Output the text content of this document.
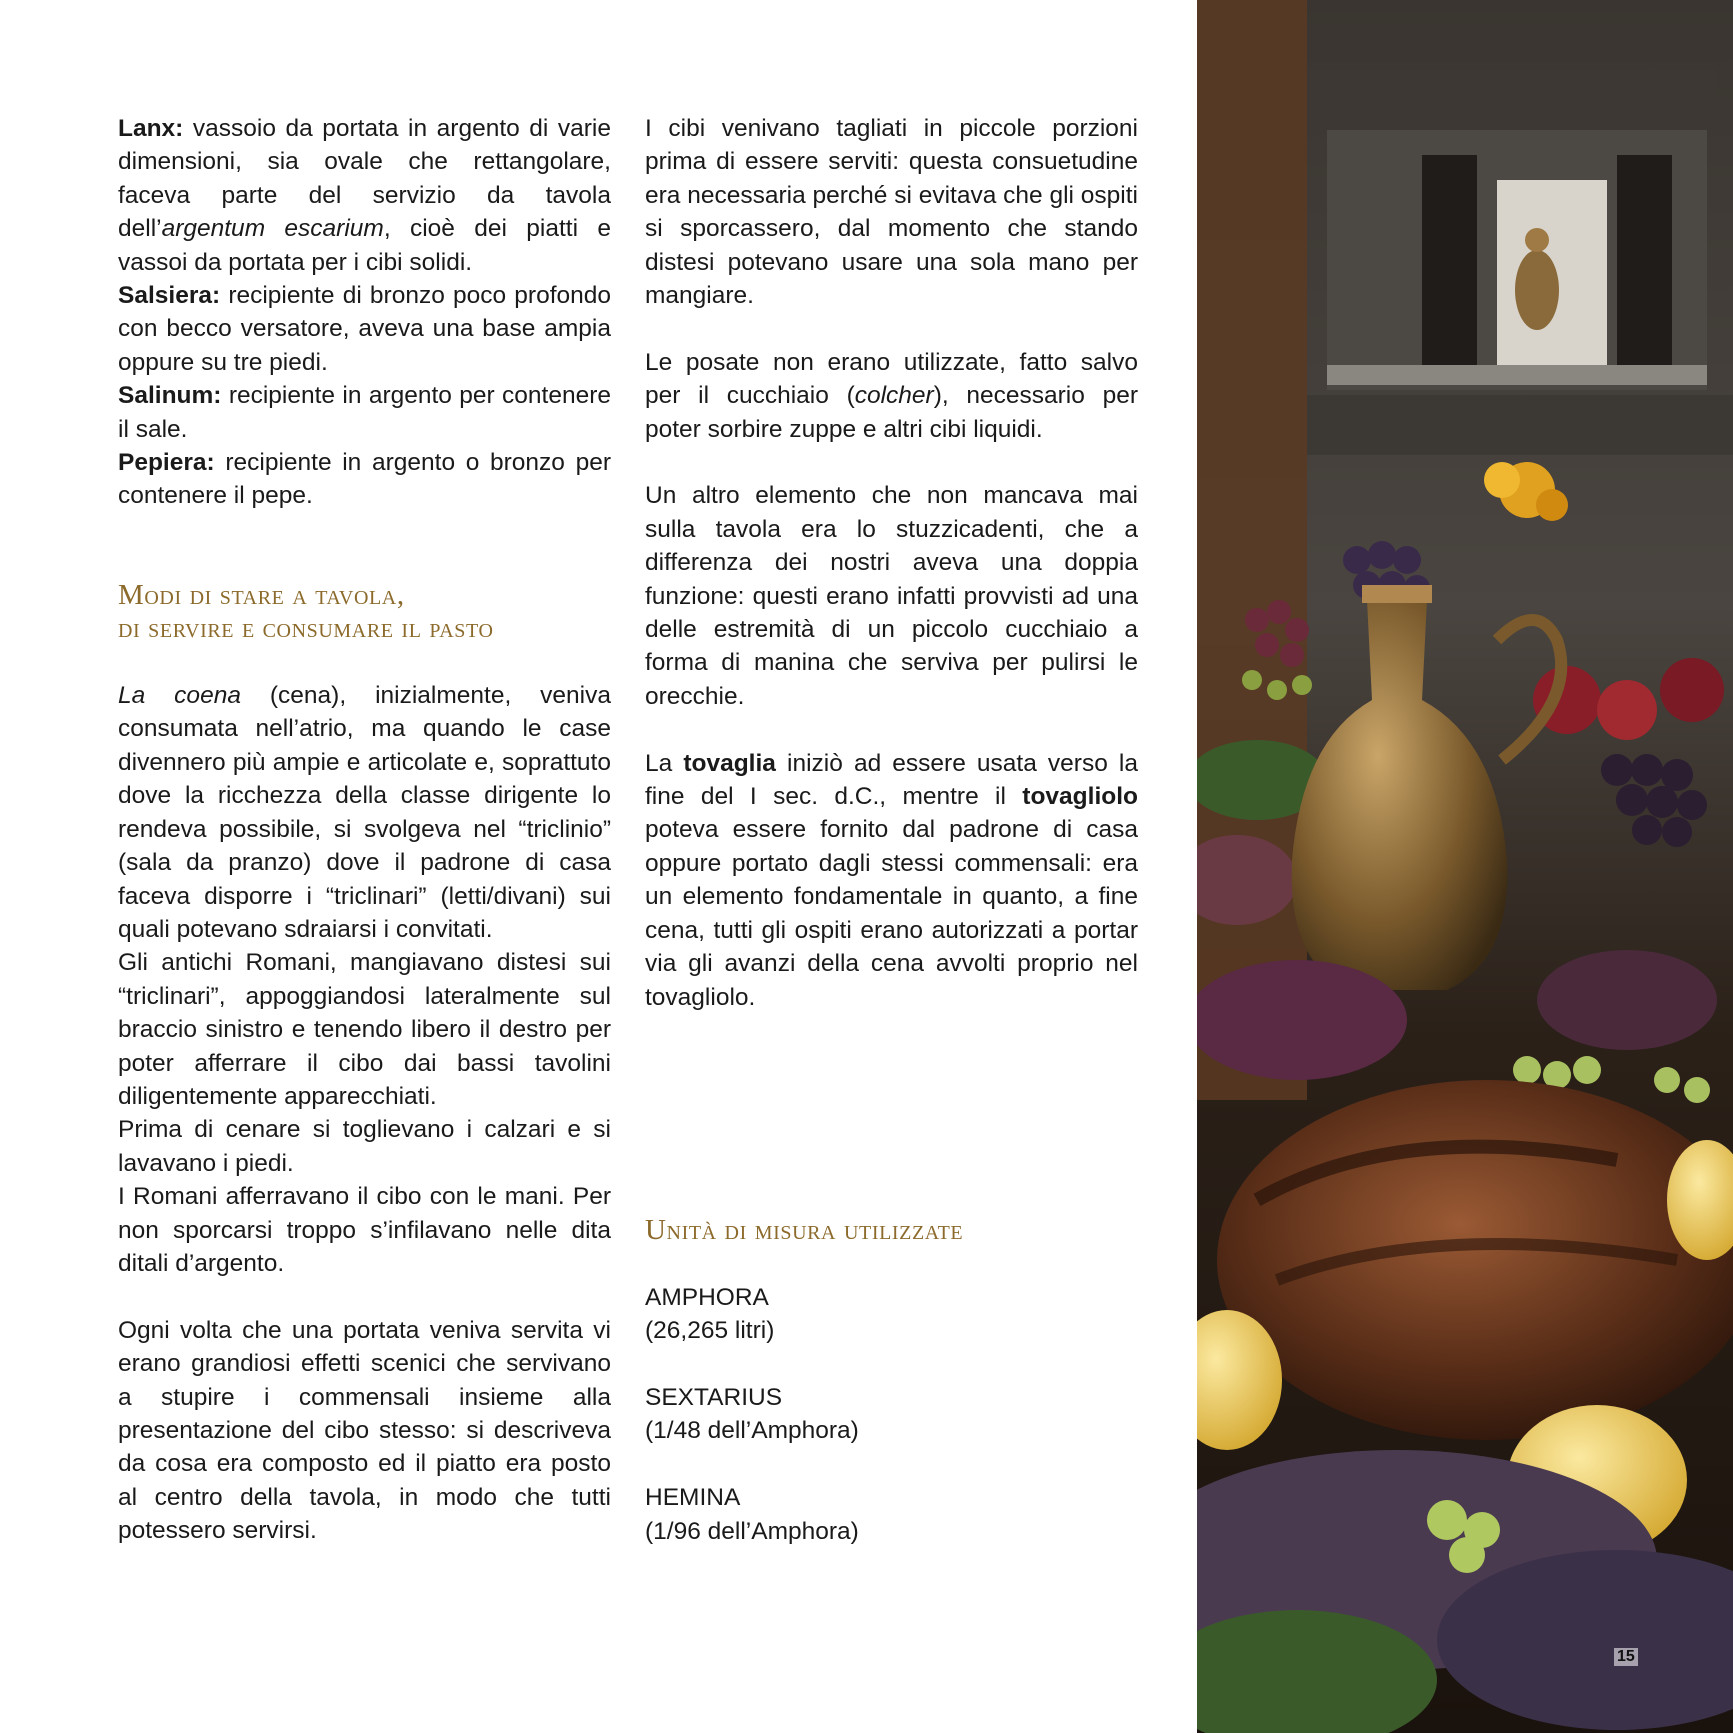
Lanx: vassoio da portata in argento di varie dimensioni, sia ovale che rettangolare, faceva parte del servizio da tavola dell’argentum escarium, cioè dei piatti e vassoi da portata per i cibi solidi.

Salsiera: recipiente di bronzo poco profondo con becco versatore, aveva una base ampia oppure su tre piedi.

Salinum: recipiente in argento per contenere il sale.

Pepiera: recipiente in argento o bronzo per contenere il pepe.

Modi di stare a tavola,
di servire e consumare il pasto

La coena (cena), inizialmente, veniva consumata nell’atrio, ma quando le case divennero più ampie e articolate e, soprattuto dove la ricchezza della classe dirigente lo rendeva possibile, si svolgeva nel “triclinio” (sala da pranzo) dove il padrone di casa faceva disporre i “triclinari” (letti/divani) sui quali potevano sdraiarsi i convitati.

Gli antichi Romani, mangiavano distesi sui “triclinari”, appoggiandosi lateralmente sul braccio sinistro e tenendo libero il destro per poter afferrare il cibo dai bassi tavolini diligentemente apparecchiati.

Prima di cenare si toglievano i calzari e si lavavano i piedi.

I Romani afferravano il cibo con le mani. Per non sporcarsi troppo s’infilavano nelle dita ditali d’argento.

Ogni volta che una portata veniva servita vi erano grandiosi effetti scenici che servivano a stupire i commensali insieme alla presentazione del cibo stesso: si descriveva da cosa era composto ed il piatto era posto al centro della tavola, in modo che tutti potessero servirsi.

I cibi venivano tagliati in piccole porzioni prima di essere serviti: questa consuetudine era necessaria perché si evitava che gli ospiti si sporcassero, dal momento che stando distesi potevano usare una sola mano per mangiare.

Le posate non erano utilizzate, fatto salvo per il cucchiaio (colcher), necessario per poter sorbire zuppe e altri cibi liquidi.

Un altro elemento che non mancava mai sulla tavola era lo stuzzicadenti, che a differenza dei nostri aveva una doppia funzione: questi erano infatti provvisti ad una delle estremità di un piccolo cucchiaio a forma di manina che serviva per pulirsi le orecchie.

La tovaglia iniziò ad essere usata verso la fine del I sec. d.C., mentre il tovagliolo poteva essere fornito dal padrone di casa oppure portato dagli stessi commensali: era un elemento fondamentale in quanto, a fine cena, tutti gli ospiti erano autorizzati a portar via gli avanzi della cena avvolti proprio nel tovagliolo.

Unità di misura utilizzate
AMPHORA
(26,265 litri)
SEXTARIUS
(1/48 dell’Amphora)
HEMINA
(1/96 dell’Amphora)
15
